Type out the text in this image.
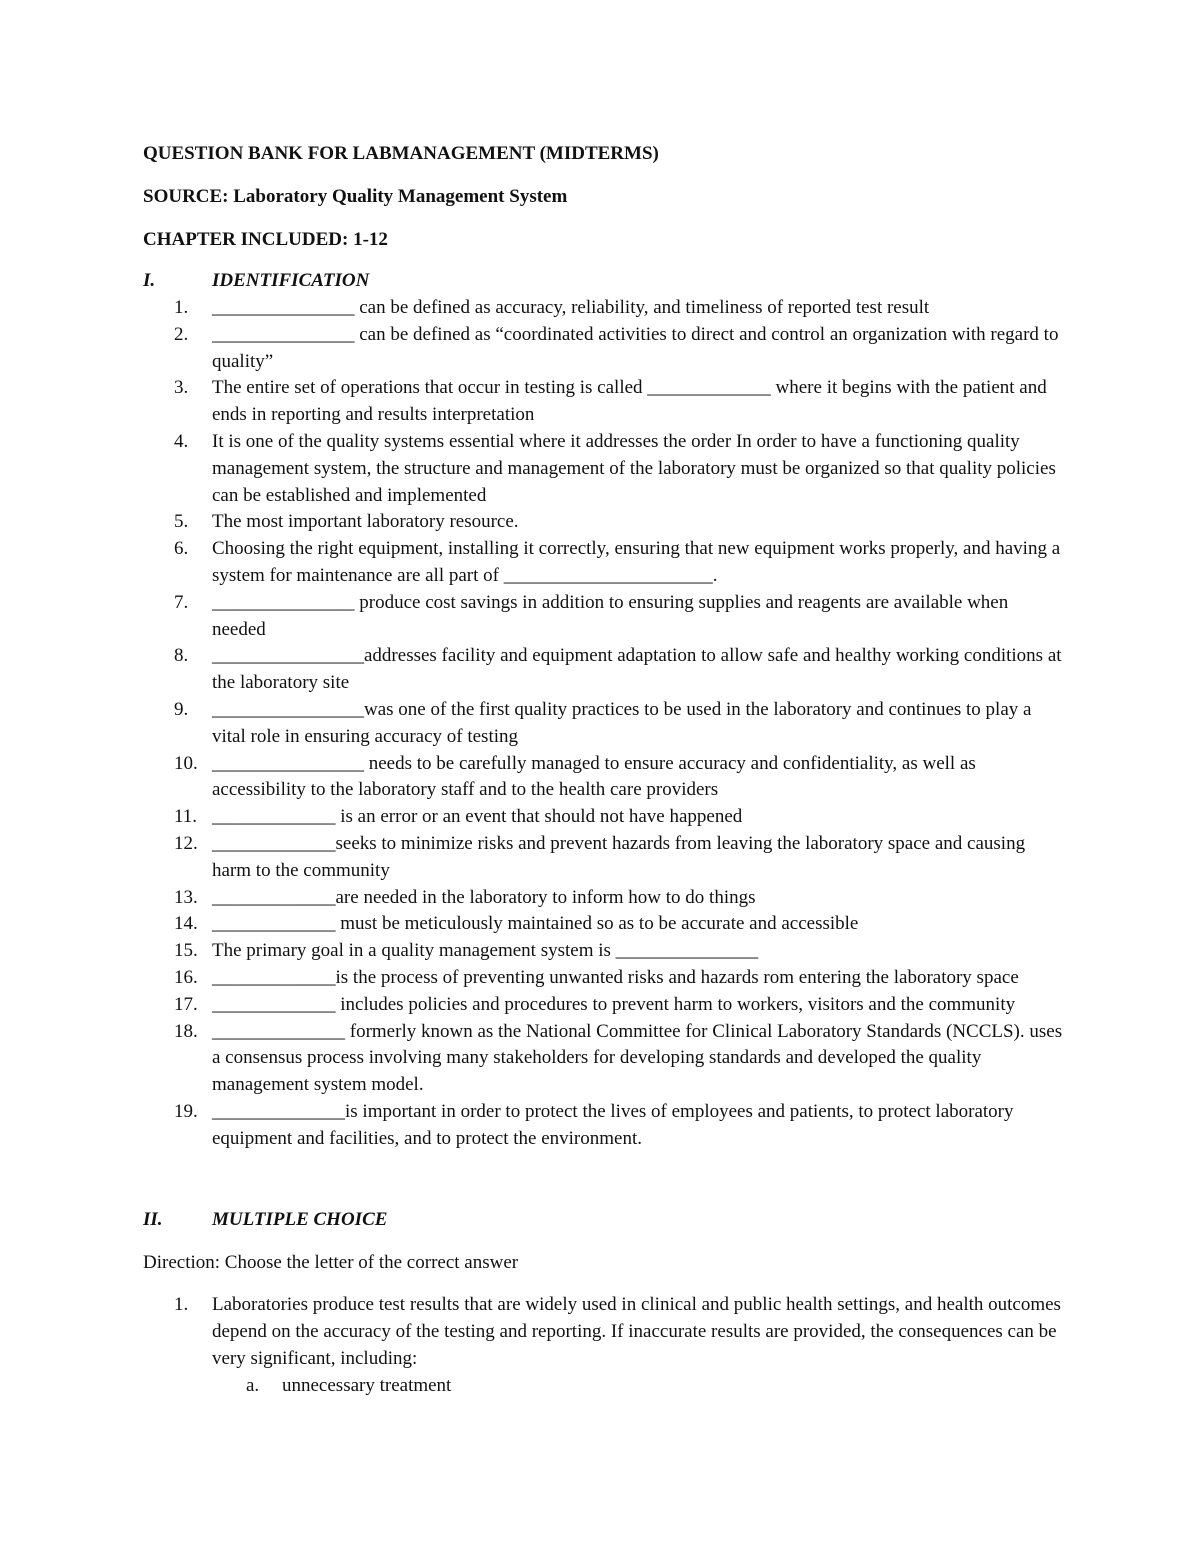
QUESTION BANK FOR LABMANAGEMENT (MIDTERMS)
SOURCE: Laboratory Quality Management System
CHAPTER INCLUDED: 1-12
I.	IDENTIFICATION
1. _______________ can be defined as accuracy, reliability, and timeliness of reported test result
2. _______________ can be defined as “coordinated activities to direct and control an organization with regard to quality”
3. The entire set of operations that occur in testing is called _____________ where it begins with the patient and ends in reporting and results interpretation
4. It is one of the quality systems essential where it addresses the order In order to have a functioning quality management system, the structure and management of the laboratory must be organized so that quality policies can be established and implemented
5. The most important laboratory resource.
6. Choosing the right equipment, installing it correctly, ensuring that new equipment works properly, and having a system for maintenance are all part of ______________________.
7. _______________ produce cost savings in addition to ensuring supplies and reagents are available when needed
8. ________________addresses facility and equipment adaptation to allow safe and healthy working conditions at the laboratory site
9. ________________was one of the first quality practices to be used in the laboratory and continues to play a vital role in ensuring accuracy of testing
10. ________________ needs to be carefully managed to ensure accuracy and confidentiality, as well as accessibility to the laboratory staff and to the health care providers
11. _____________ is an error or an event that should not have happened
12. _____________seeks to minimize risks and prevent hazards from leaving the laboratory space and causing harm to the community
13. _____________are needed in the laboratory to inform how to do things
14. _____________ must be meticulously maintained so as to be accurate and accessible
15. The primary goal in a quality management system is _______________
16. _____________is the process of preventing unwanted risks and hazards rom entering the laboratory space
17. _____________ includes policies and procedures to prevent harm to workers, visitors and the community
18. ______________ formerly known as the National Committee for Clinical Laboratory Standards (NCCLS). uses a consensus process involving many stakeholders for developing standards and developed the quality management system model.
19. ______________is important in order to protect the lives of employees and patients, to protect laboratory equipment and facilities, and to protect the environment.
II.	MULTIPLE CHOICE
Direction: Choose the letter of the correct answer
1. Laboratories produce test results that are widely used in clinical and public health settings, and health outcomes depend on the accuracy of the testing and reporting. If inaccurate results are provided, the consequences can be very significant, including:
a. unnecessary treatment
